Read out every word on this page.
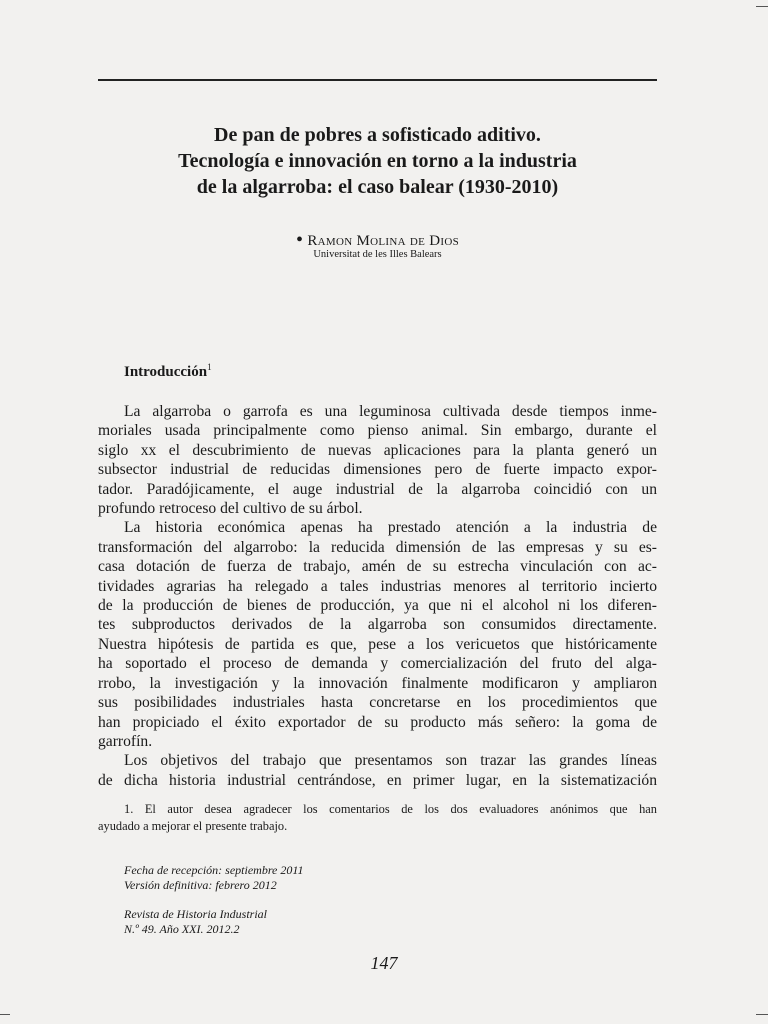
De pan de pobres a sofisticado aditivo.
Tecnología e innovación en torno a la industria
de la algarroba: el caso balear (1930-2010)
• Ramon Molina de Dios
Universitat de les Illes Balears
Introducción$^1$

La algarroba o garrofa es una leguminosa cultivada desde tiempos inme-
moriales usada principalmente como pienso animal. Sin embargo, durante el
siglo xx el descubrimiento de nuevas aplicaciones para la planta generó un
subsector industrial de reducidas dimensiones pero de fuerte impacto expor-
tador. Paradójicamente, el auge industrial de la algarroba coincidió con un
profundo retroceso del cultivo de su árbol.

La historia económica apenas ha prestado atención a la industria de
transformación del algarrobo: la reducida dimensión de las empresas y su es-
casa dotación de fuerza de trabajo, amén de su estrecha vinculación con ac-
tividades agrarias ha relegado a tales industrias menores al territorio incierto
de la producción de bienes de producción, ya que ni el alcohol ni los diferen-
tes subproductos derivados de la algarroba son consumidos directamente.
Nuestra hipótesis de partida es que, pese a los vericuetos que históricamente
ha soportado el proceso de demanda y comercialización del fruto del alga-
rrobo, la investigación y la innovación finalmente modificaron y ampliaron
sus posibilidades industriales hasta concretarse en los procedimientos que
han propiciado el éxito exportador de su producto más señero: la goma de
garrofín.

Los objetivos del trabajo que presentamos son trazar las grandes líneas
de dicha historia industrial centrándose, en primer lugar, en la sistematización

1. El autor desea agradecer los comentarios de los dos evaluadores anónimos que han
ayudado a mejorar el presente trabajo.
Fecha de recepción: septiembre 2011
Versión definitiva: febrero 2012
Revista de Historia Industrial
N.º 49. Año XXI. 2012.2
147
